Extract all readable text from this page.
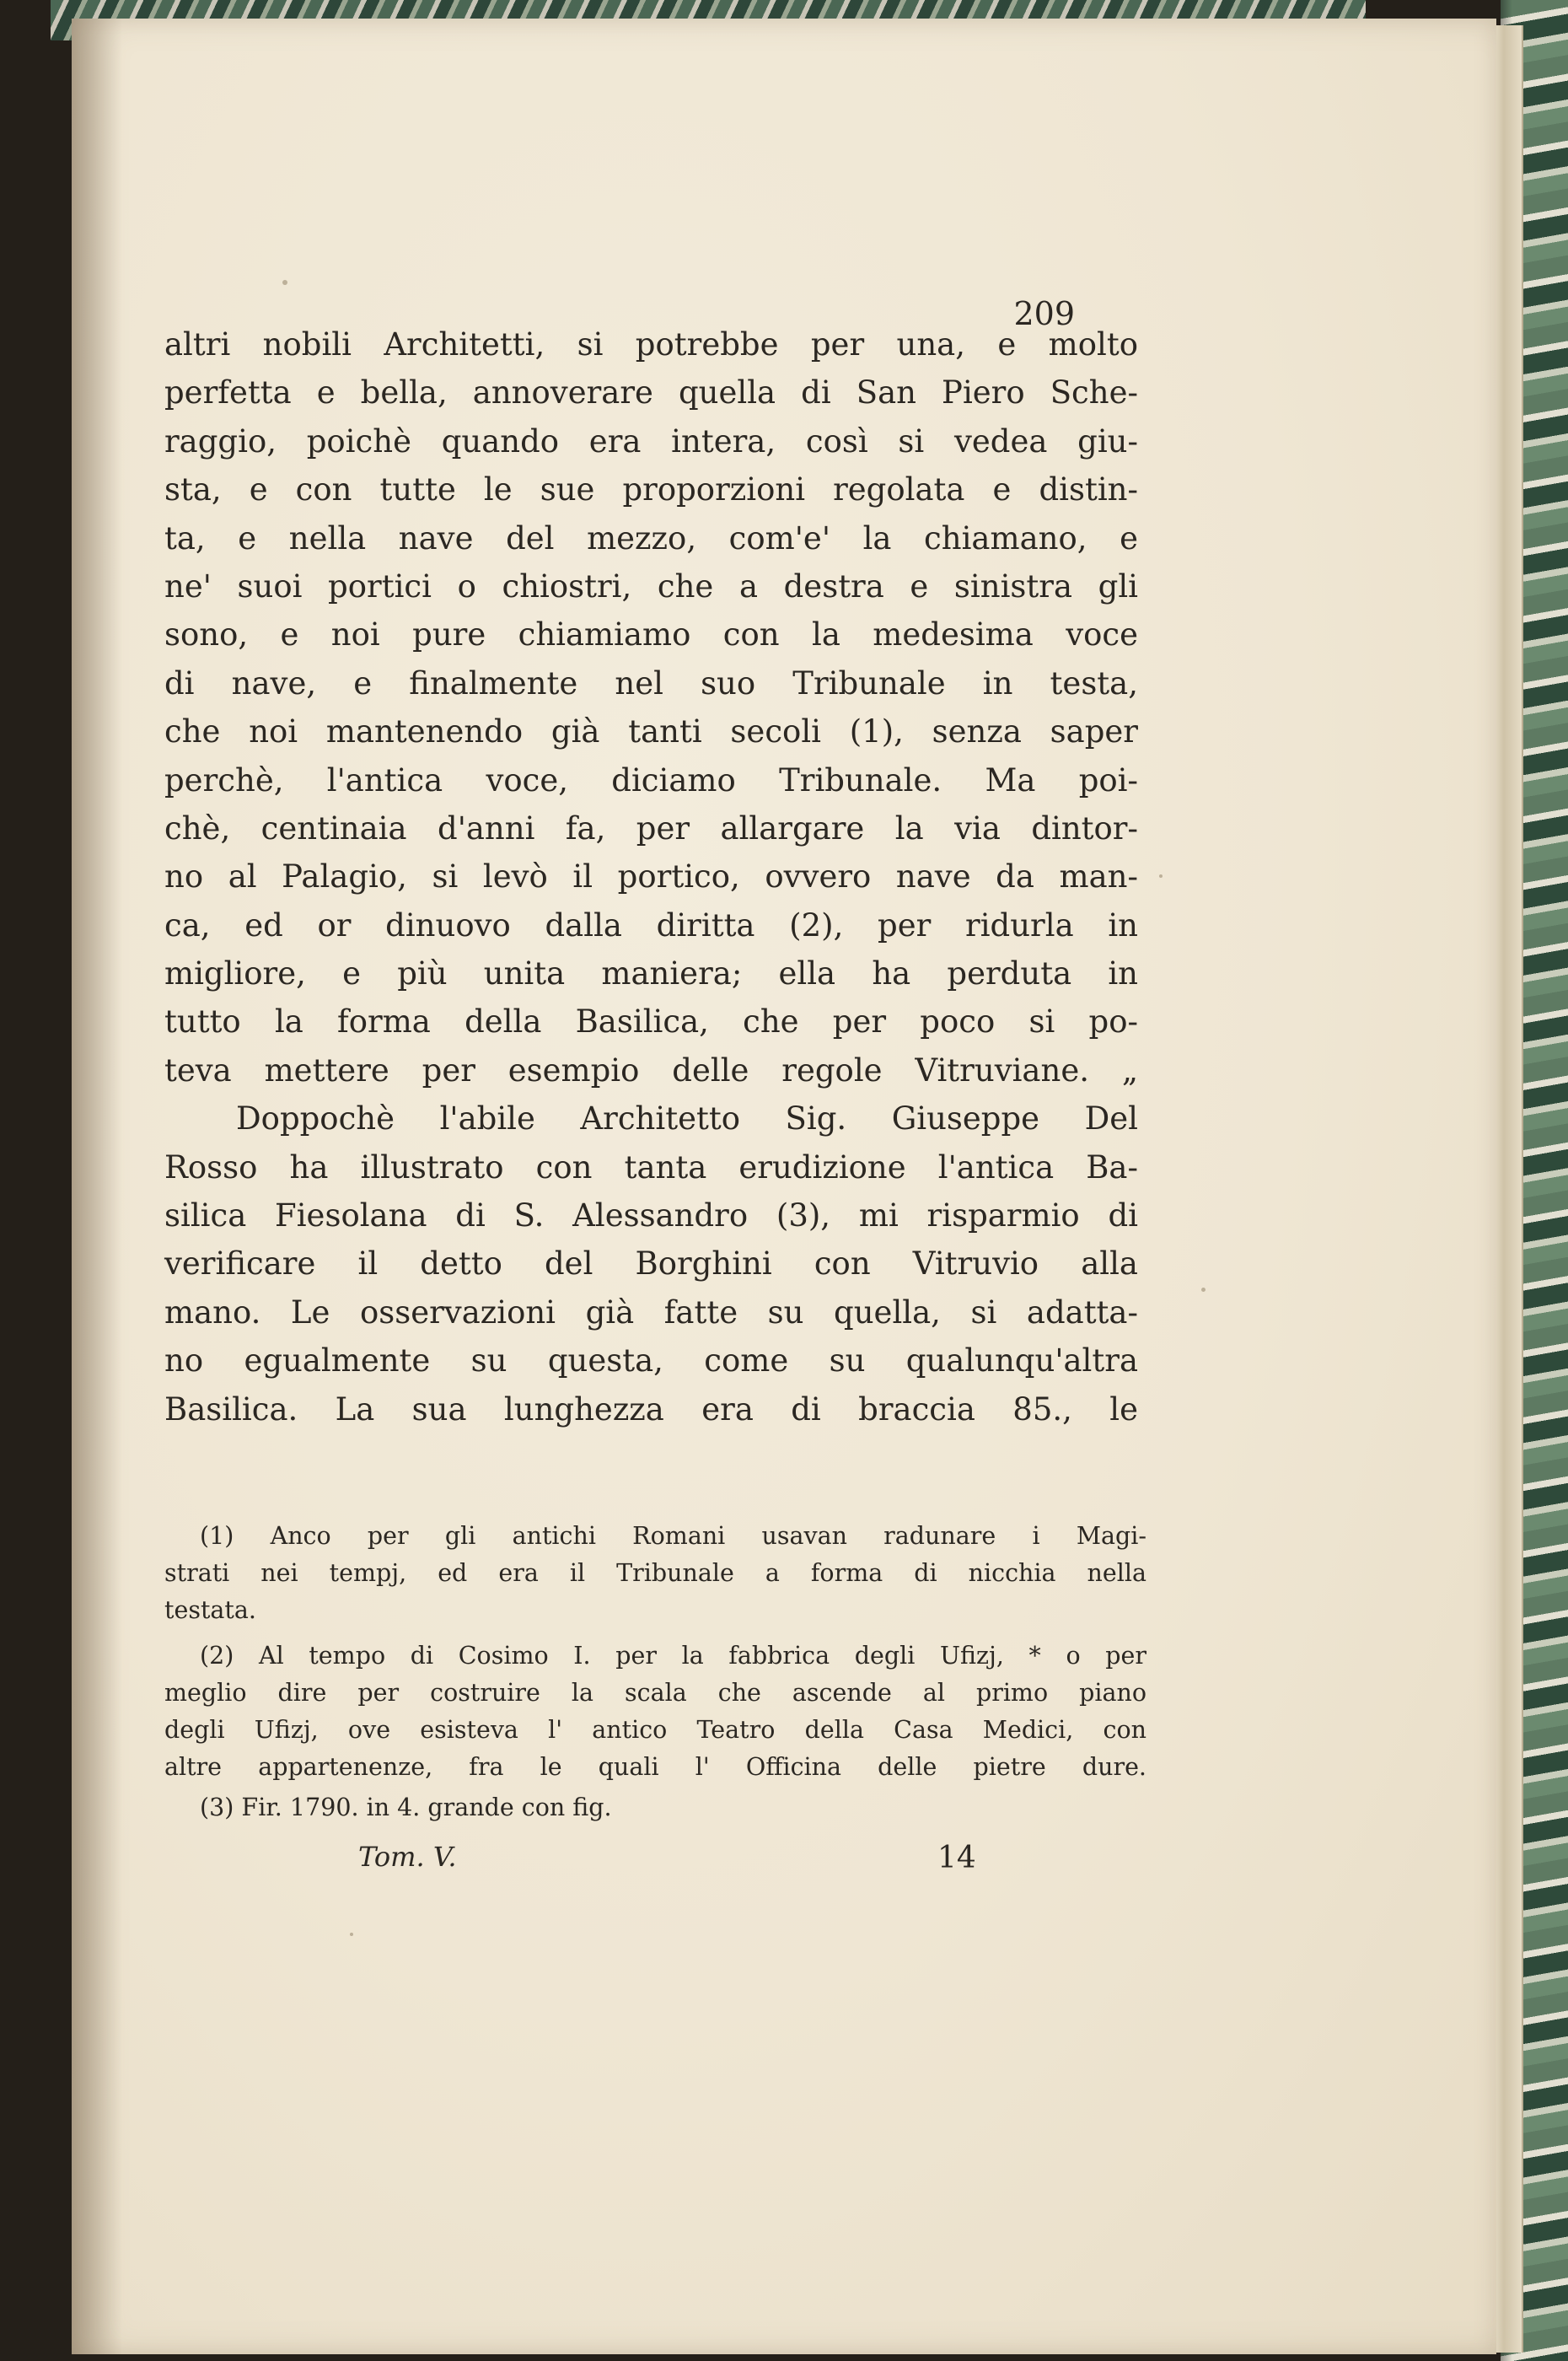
209
altri nobili Architetti, si potrebbe per una, e molto
perfetta e bella, annoverare quella di San Piero Sche-
raggio, poichè quando era intera, così si vedea giu-
sta, e con tutte le sue proporzioni regolata e distin-
ta, e nella nave del mezzo, com'e' la chiamano, e
ne' suoi portici o chiostri, che a destra e sinistra gli
sono, e noi pure chiamiamo con la medesima voce
di nave, e finalmente nel suo Tribunale in testa,
che noi mantenendo già tanti secoli (1), senza saper
perchè, l'antica voce, diciamo Tribunale. Ma poi-
chè, centinaia d'anni fa, per allargare la via dintor-
no al Palagio, si levò il portico, ovvero nave da man-
ca, ed or dinuovo dalla diritta (2), per ridurla in
migliore, e più unita maniera; ella ha perduta in
tutto la forma della Basilica, che per poco si po-
teva mettere per esempio delle regole Vitruviane. „
Doppochè l'abile Architetto Sig. Giuseppe Del
Rosso ha illustrato con tanta erudizione l'antica Ba-
silica Fiesolana di S. Alessandro (3), mi risparmio di
verificare il detto del Borghini con Vitruvio alla
mano. Le osservazioni già fatte su quella, si adatta-
no egualmente su questa, come su qualunqu'altra
Basilica. La sua lunghezza era di braccia 85., le
(1) Anco per gli antichi Romani usavan radunare i Magi-
strati nei tempj, ed era il Tribunale a forma di nicchia nella
testata.
(2) Al tempo di Cosimo I. per la fabbrica degli Ufizj, * o per
meglio dire per costruire la scala che ascende al primo piano
degli Ufizj, ove esisteva l' antico Teatro della Casa Medici, con
altre appartenenze, fra le quali l' Officina delle pietre dure.
(3) Fir. 1790. in 4. grande con fig.
Tom. V.	14
